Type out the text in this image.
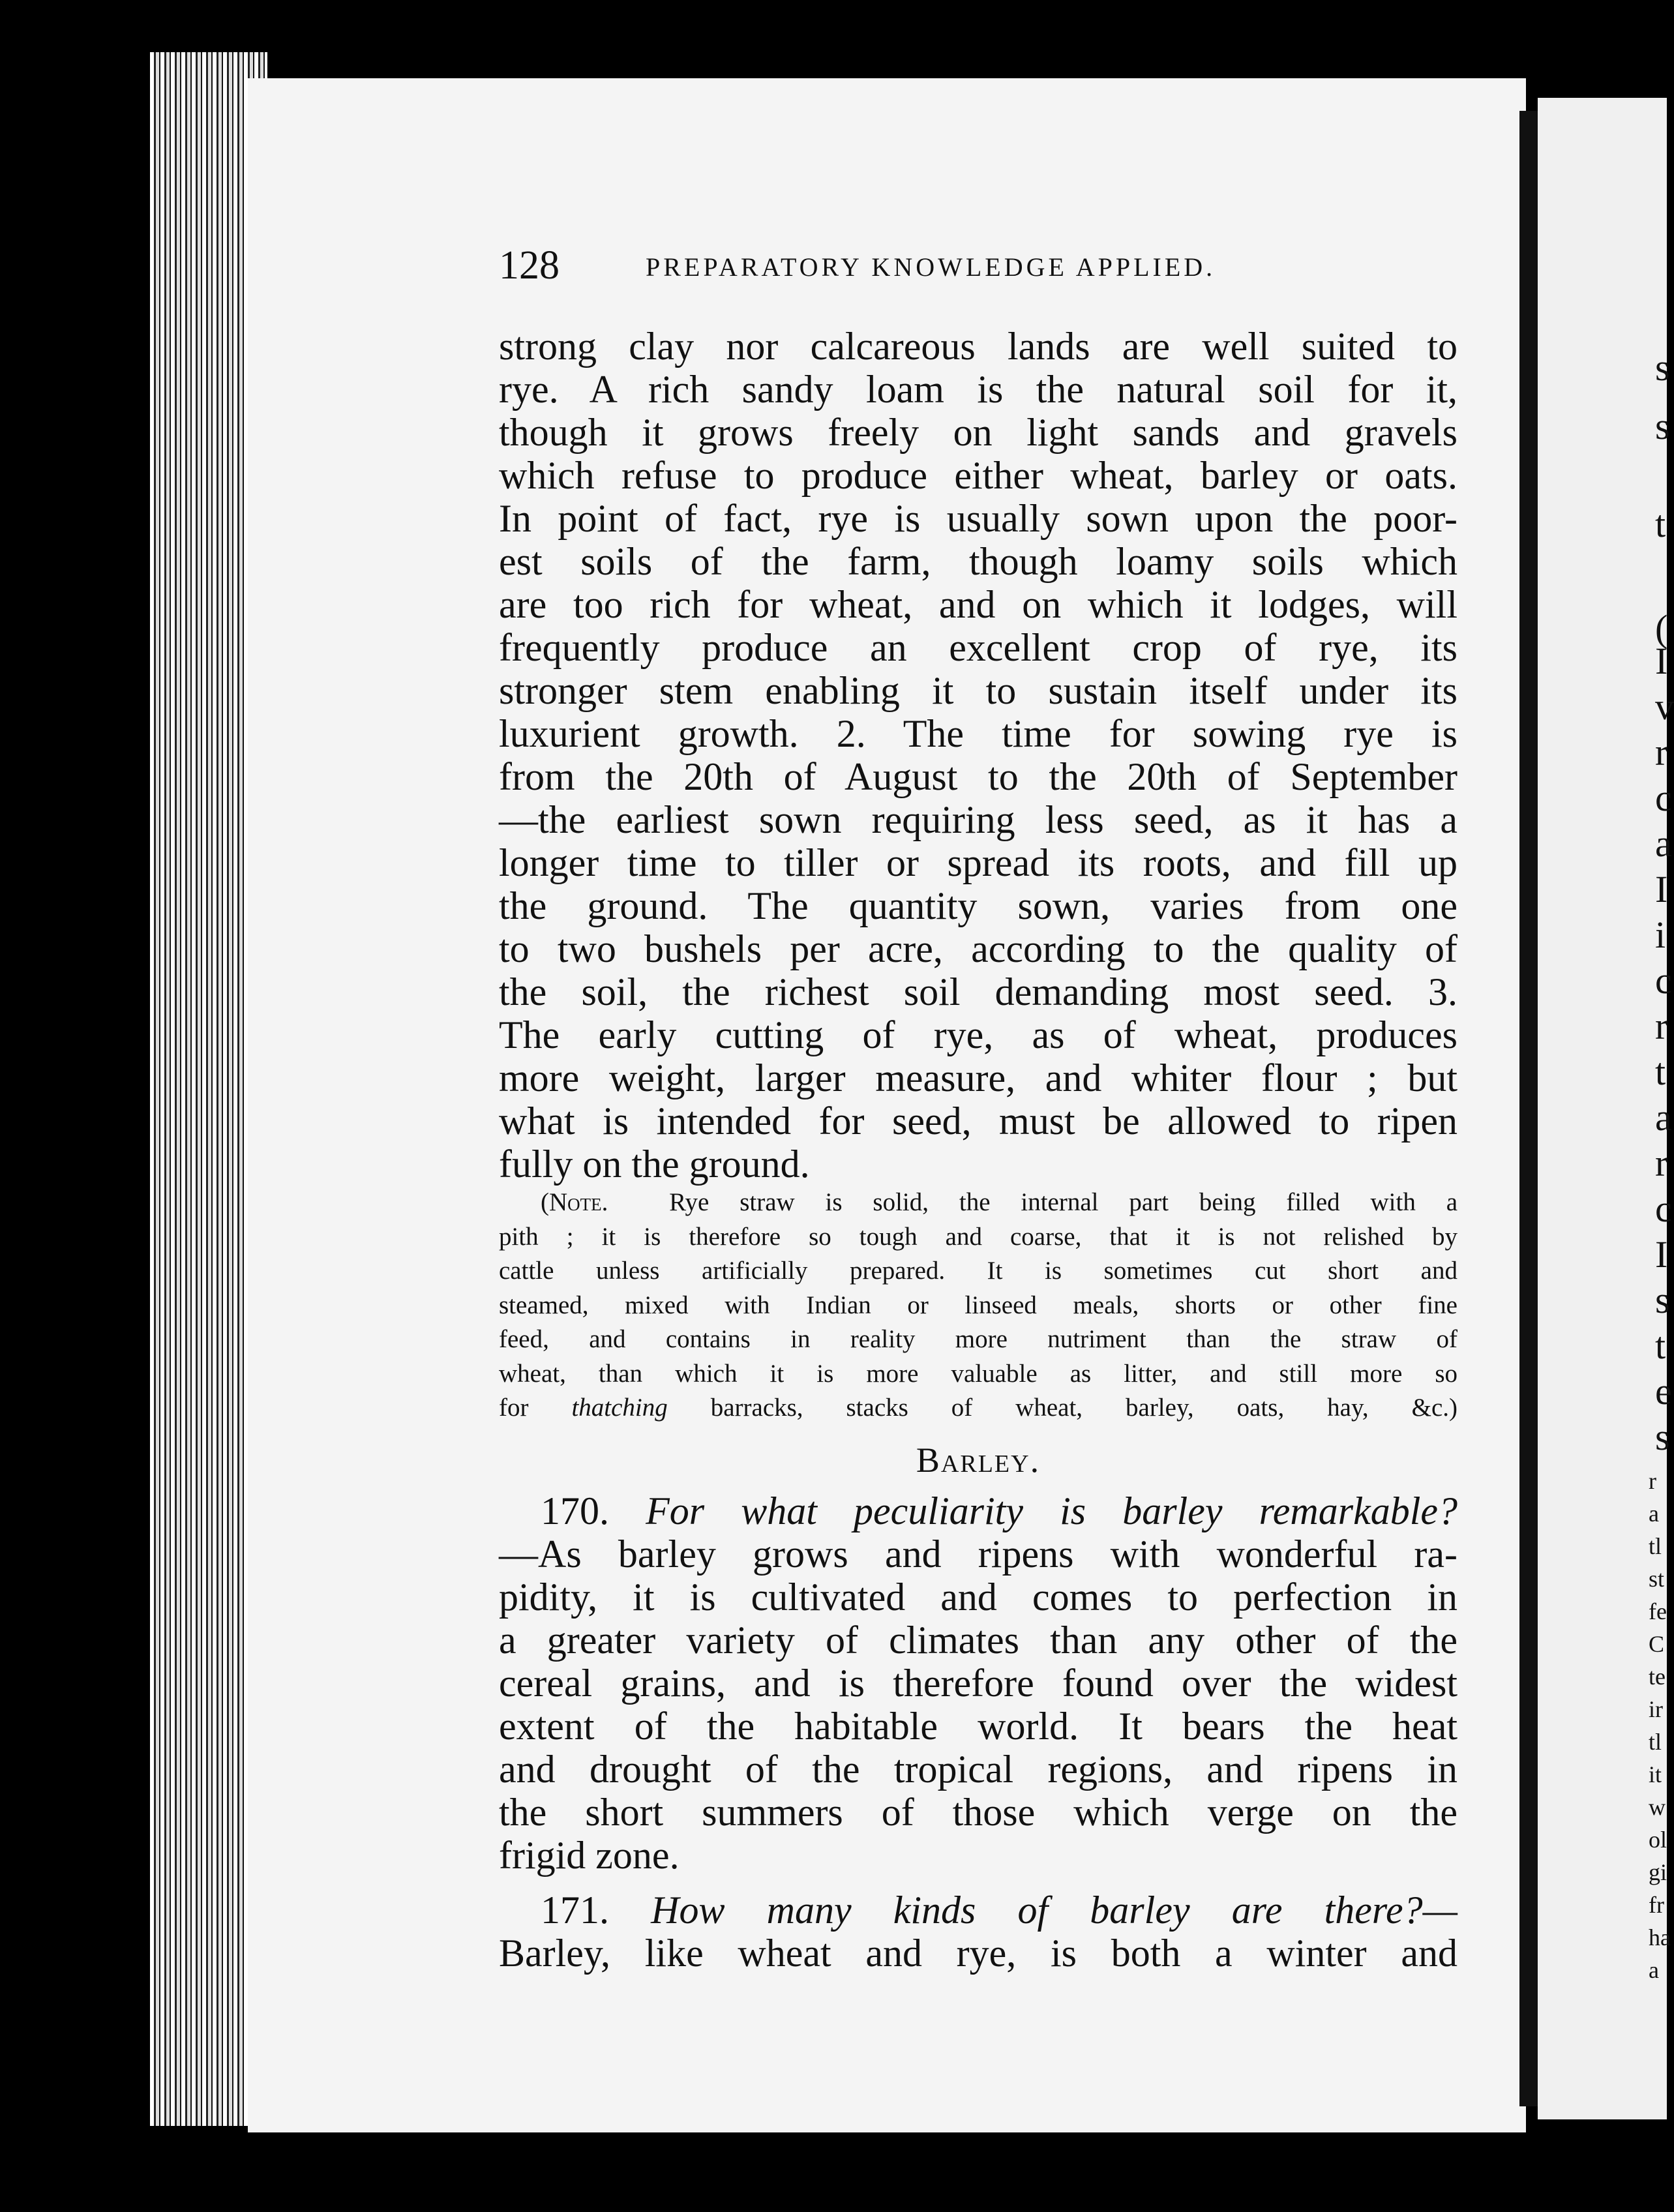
s
s
t
(
I
v
r
c
a
I
i
c
r
t
a
r
c
I
s
t
e
s
r
a
tl
st
fe
C
te
ir
tl
it
w
ol
gi
fr
ha
a
128	PREPARATORY KNOWLEDGE APPLIED.

strong clay nor calcareous lands are well suited to
rye. A rich sandy loam is the natural soil for it,
though it grows freely on light sands and gravels
which refuse to produce either wheat, barley or oats.
In point of fact, rye is usually sown upon the poor-
est soils of the farm, though loamy soils which
are too rich for wheat, and on which it lodges, will
frequently produce an excellent crop of rye, its
stronger stem enabling it to sustain itself under its
luxurient growth. 2. The time for sowing rye is
from the 20th of August to the 20th of September
—the earliest sown requiring less seed, as it has a
longer time to tiller or spread its roots, and fill up
the ground. The quantity sown, varies from one
to two bushels per acre, according to the quality of
the soil, the richest soil demanding most seed. 3.
The early cutting of rye, as of wheat, produces
more weight, larger measure, and whiter flour ; but
what is intended for seed, must be allowed to ripen
fully on the ground.

(Note. Rye straw is solid, the internal part being filled with a
pith ; it is therefore so tough and coarse, that it is not relished by
cattle unless artificially prepared. It is sometimes cut short and
steamed, mixed with Indian or linseed meals, shorts or other fine
feed, and contains in reality more nutriment than the straw of
wheat, than which it is more valuable as litter, and still more so
for thatching barracks, stacks of wheat, barley, oats, hay, &c.)

Barley.

170. For what peculiarity is barley remarkable?
—As barley grows and ripens with wonderful ra-
pidity, it is cultivated and comes to perfection in
a greater variety of climates than any other of the
cereal grains, and is therefore found over the widest
extent of the habitable world. It bears the heat
and drought of the tropical regions, and ripens in
the short summers of those which verge on the
frigid zone.

171. How many kinds of barley are there?—
Barley, like wheat and rye, is both a winter and
